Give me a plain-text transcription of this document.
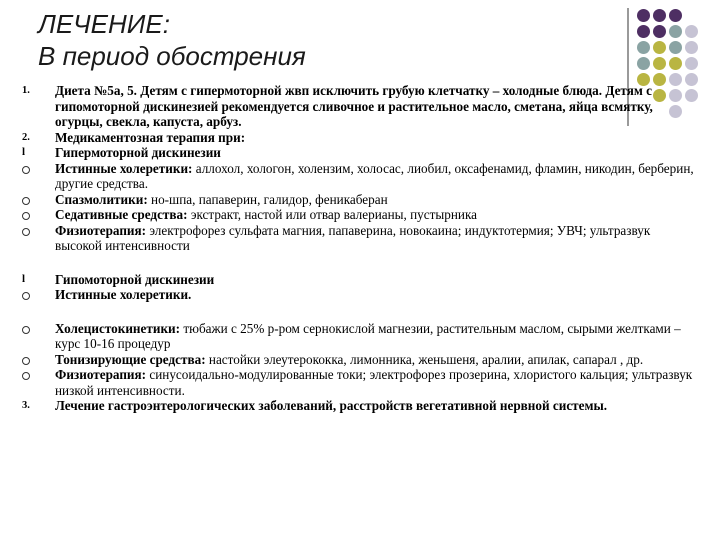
ЛЕЧЕНИЕ:
В период обострения
1.	Диета №5а, 5. Детям с гипермоторной жвп исключить грубую клетчатку – холодные блюда. Детям с гипомоторной дискинезией рекомендуется сливочное и растительное масло, сметана, яйца всмятку, огурцы, свекла, капуста, арбуз.
2.	Медикаментозная терапия при:
l	Гипермоторной дискинезии
Истинные холеретики: аллохол, хологон, холензим, холосас, лиобил, оксафенамид, фламин, никодин, берберин, другие средства.
Спазмолитики: но-шпа, папаверин, галидор, феникаберан
Седативные средства: экстракт, настой или отвар валерианы, пустырника
Физиотерапия: электрофорез сульфата магния, папаверина, новокаина; индуктотермия; УВЧ; ультразвук высокой интенсивности
l	Гипомоторной дискинезии
Истинные холеретики.
Холецистокинетики: тюбажи с 25% р-ром сернокислой магнезии, растительным маслом, сырыми желтками – курс 10-16 процедур
Тонизирующие средства: настойки элеутерококка, лимонника, женьшеня, аралии, апилак, сапарал , др.
Физиотерапия: синусоидально-модулированные токи; электрофорез прозерина, хлористого кальция; ультразвук низкой интенсивности.
3.	Лечение гастроэнтерологических заболеваний, расстройств вегетативной нервной системы.
